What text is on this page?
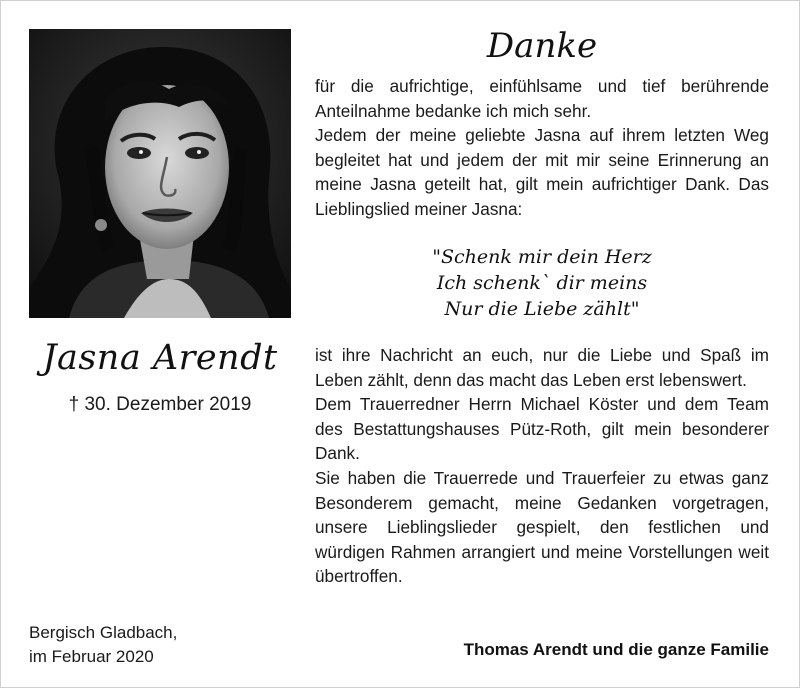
Jasna Arendt
† 30. Dezember 2019
Bergisch Gladbach,
im Februar 2020
Danke

für die aufrichtige, einfühlsame und tief berührende Anteilnahme bedanke ich mich sehr.

Jedem der meine geliebte Jasna auf ihrem letzten Weg begleitet hat und jedem der mit mir seine Erinnerung an meine Jasna geteilt hat, gilt mein aufrichtiger Dank. Das Lieblingslied meiner Jasna:

"Schenk mir dein Herz
Ich schenk` dir meins
Nur die Liebe zählt"

ist ihre Nachricht an euch, nur die Liebe und Spaß im Leben zählt, denn das macht das Leben erst lebenswert.

Dem Trauerredner Herrn Michael Köster und dem Team des Bestattungshauses Pütz-Roth, gilt mein besonderer Dank.

Sie haben die Trauerrede und Trauerfeier zu etwas ganz Besonderem gemacht, meine Gedanken vorgetragen, unsere Lieblingslieder gespielt, den festlichen und würdigen Rahmen arrangiert und meine Vorstellungen weit übertroffen.

Thomas Arendt und die ganze Familie
